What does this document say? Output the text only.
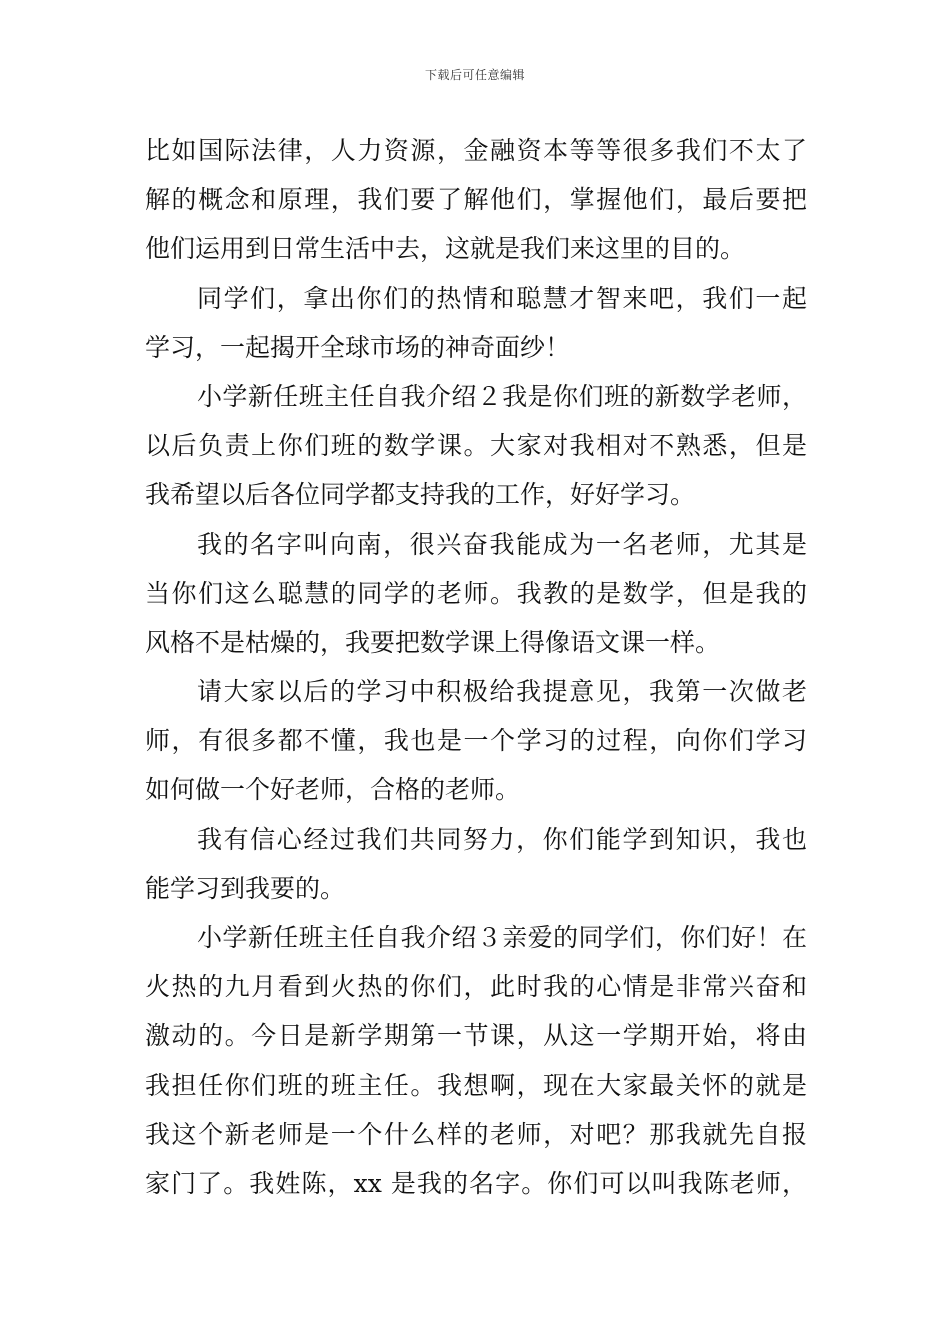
下载后可任意编辑
比如国际法律，人力资源，金融资本等等很多我们不太了
解的概念和原理，我们要了解他们，掌握他们，最后要把
他们运用到日常生活中去，这就是我们来这里的目的。
同学们，拿出你们的热情和聪慧才智来吧，我们一起
学习，一起揭开全球市场的神奇面纱！
小学新任班主任自我介绍２我是你们班的新数学老师，
以后负责上你们班的数学课。大家对我相对不熟悉，但是
我希望以后各位同学都支持我的工作，好好学习。
我的名字叫向南，很兴奋我能成为一名老师，尤其是
当你们这么聪慧的同学的老师。我教的是数学，但是我的
风格不是枯燥的，我要把数学课上得像语文课一样。
请大家以后的学习中积极给我提意见，我第一次做老
师，有很多都不懂，我也是一个学习的过程，向你们学习
如何做一个好老师，合格的老师。
我有信心经过我们共同努力，你们能学到知识，我也
能学习到我要的。
小学新任班主任自我介绍３亲爱的同学们，你们好！在
火热的九月看到火热的你们，此时我的心情是非常兴奋和
激动的。今日是新学期第一节课，从这一学期开始，将由
我担任你们班的班主任。我想啊，现在大家最关怀的就是
我这个新老师是一个什么样的老师，对吧？那我就先自报
家门了。我姓陈，xx 是我的名字。你们可以叫我陈老师，
